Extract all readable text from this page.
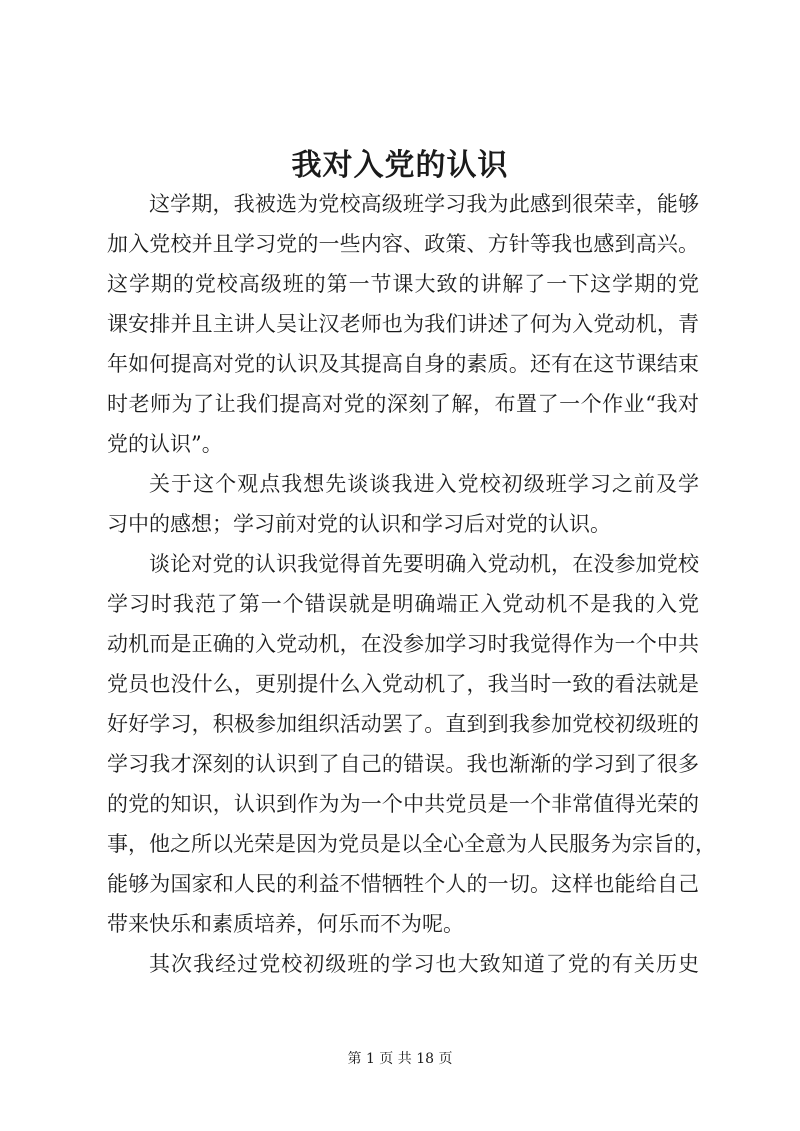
我对入党的认识
这学期，我被选为党校高级班学习我为此感到很荣幸，能够
加入党校并且学习党的一些内容、政策、方针等我也感到高兴。
这学期的党校高级班的第一节课大致的讲解了一下这学期的党
课安排并且主讲人吴让汉老师也为我们讲述了何为入党动机，青
年如何提高对党的认识及其提高自身的素质。还有在这节课结束
时老师为了让我们提高对党的深刻了解，布置了一个作业“我对
党的认识”。
关于这个观点我想先谈谈我进入党校初级班学习之前及学
习中的感想；学习前对党的认识和学习后对党的认识。
谈论对党的认识我觉得首先要明确入党动机，在没参加党校
学习时我范了第一个错误就是明确端正入党动机不是我的入党
动机而是正确的入党动机，在没参加学习时我觉得作为一个中共
党员也没什么，更别提什么入党动机了，我当时一致的看法就是
好好学习，积极参加组织活动罢了。直到到我参加党校初级班的
学习我才深刻的认识到了自己的错误。我也渐渐的学习到了很多
的党的知识，认识到作为为一个中共党员是一个非常值得光荣的
事，他之所以光荣是因为党员是以全心全意为人民服务为宗旨的，
能够为国家和人民的利益不惜牺牲个人的一切。这样也能给自己
带来快乐和素质培养，何乐而不为呢。
其次我经过党校初级班的学习也大致知道了党的有关历史
第 1 页 共 18 页
